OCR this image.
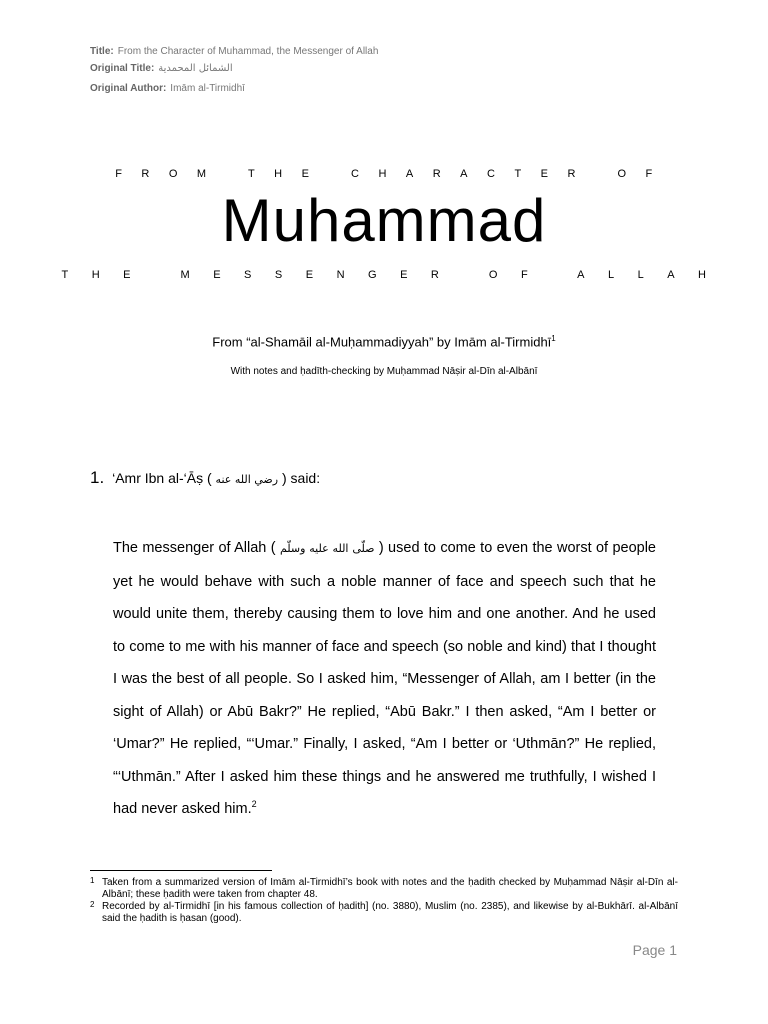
Title: From the Character of Muhammad, the Messenger of Allah
Original Title: الشمائل المحمدية
Original Author: Imām al-Tirmidhī
FROM THE CHARACTER OF
Muhammad
THE MESSENGER OF ALLAH
From “al-Shamāil al-Muḥammadiyyah” by Imām al-Tirmidhī$^1$
With notes and ḥadīth-checking by Muḥammad Nāṣir al-Dīn al-Albānī
1. ‘Amr Ibn al-‘Āṣ ( رضي الله عنه ) said:
The messenger of Allah ( صلّى الله عليه وسلّم ) used to come to even the worst of people yet he would behave with such a noble manner of face and speech such that he would unite them, thereby causing them to love him and one another. And he used to come to me with his manner of face and speech (so noble and kind) that I thought I was the best of all people. So I asked him, “Messenger of Allah, am I better (in the sight of Allah) or Abū Bakr?” He replied, “Abū Bakr.” I then asked, “Am I better or ‘Umar?” He replied, “‘Umar.” Finally, I asked, “Am I better or ‘Uthmān?” He replied, “‘Uthmān.” After I asked him these things and he answered me truthfully, I wished I had never asked him.$^2$
1 Taken from a summarized version of Imām al-Tirmidhī’s book with notes and the ḥadith checked by Muḥammad Nāṣir al-Dīn al-Albānī; these ḥadith were taken from chapter 48.
2 Recorded by al-Tirmidhī [in his famous collection of ḥadith] (no. 3880), Muslim (no. 2385), and likewise by al-Bukhārī. al-Albānī said the ḥadith is ḥasan (good).
Page 1
